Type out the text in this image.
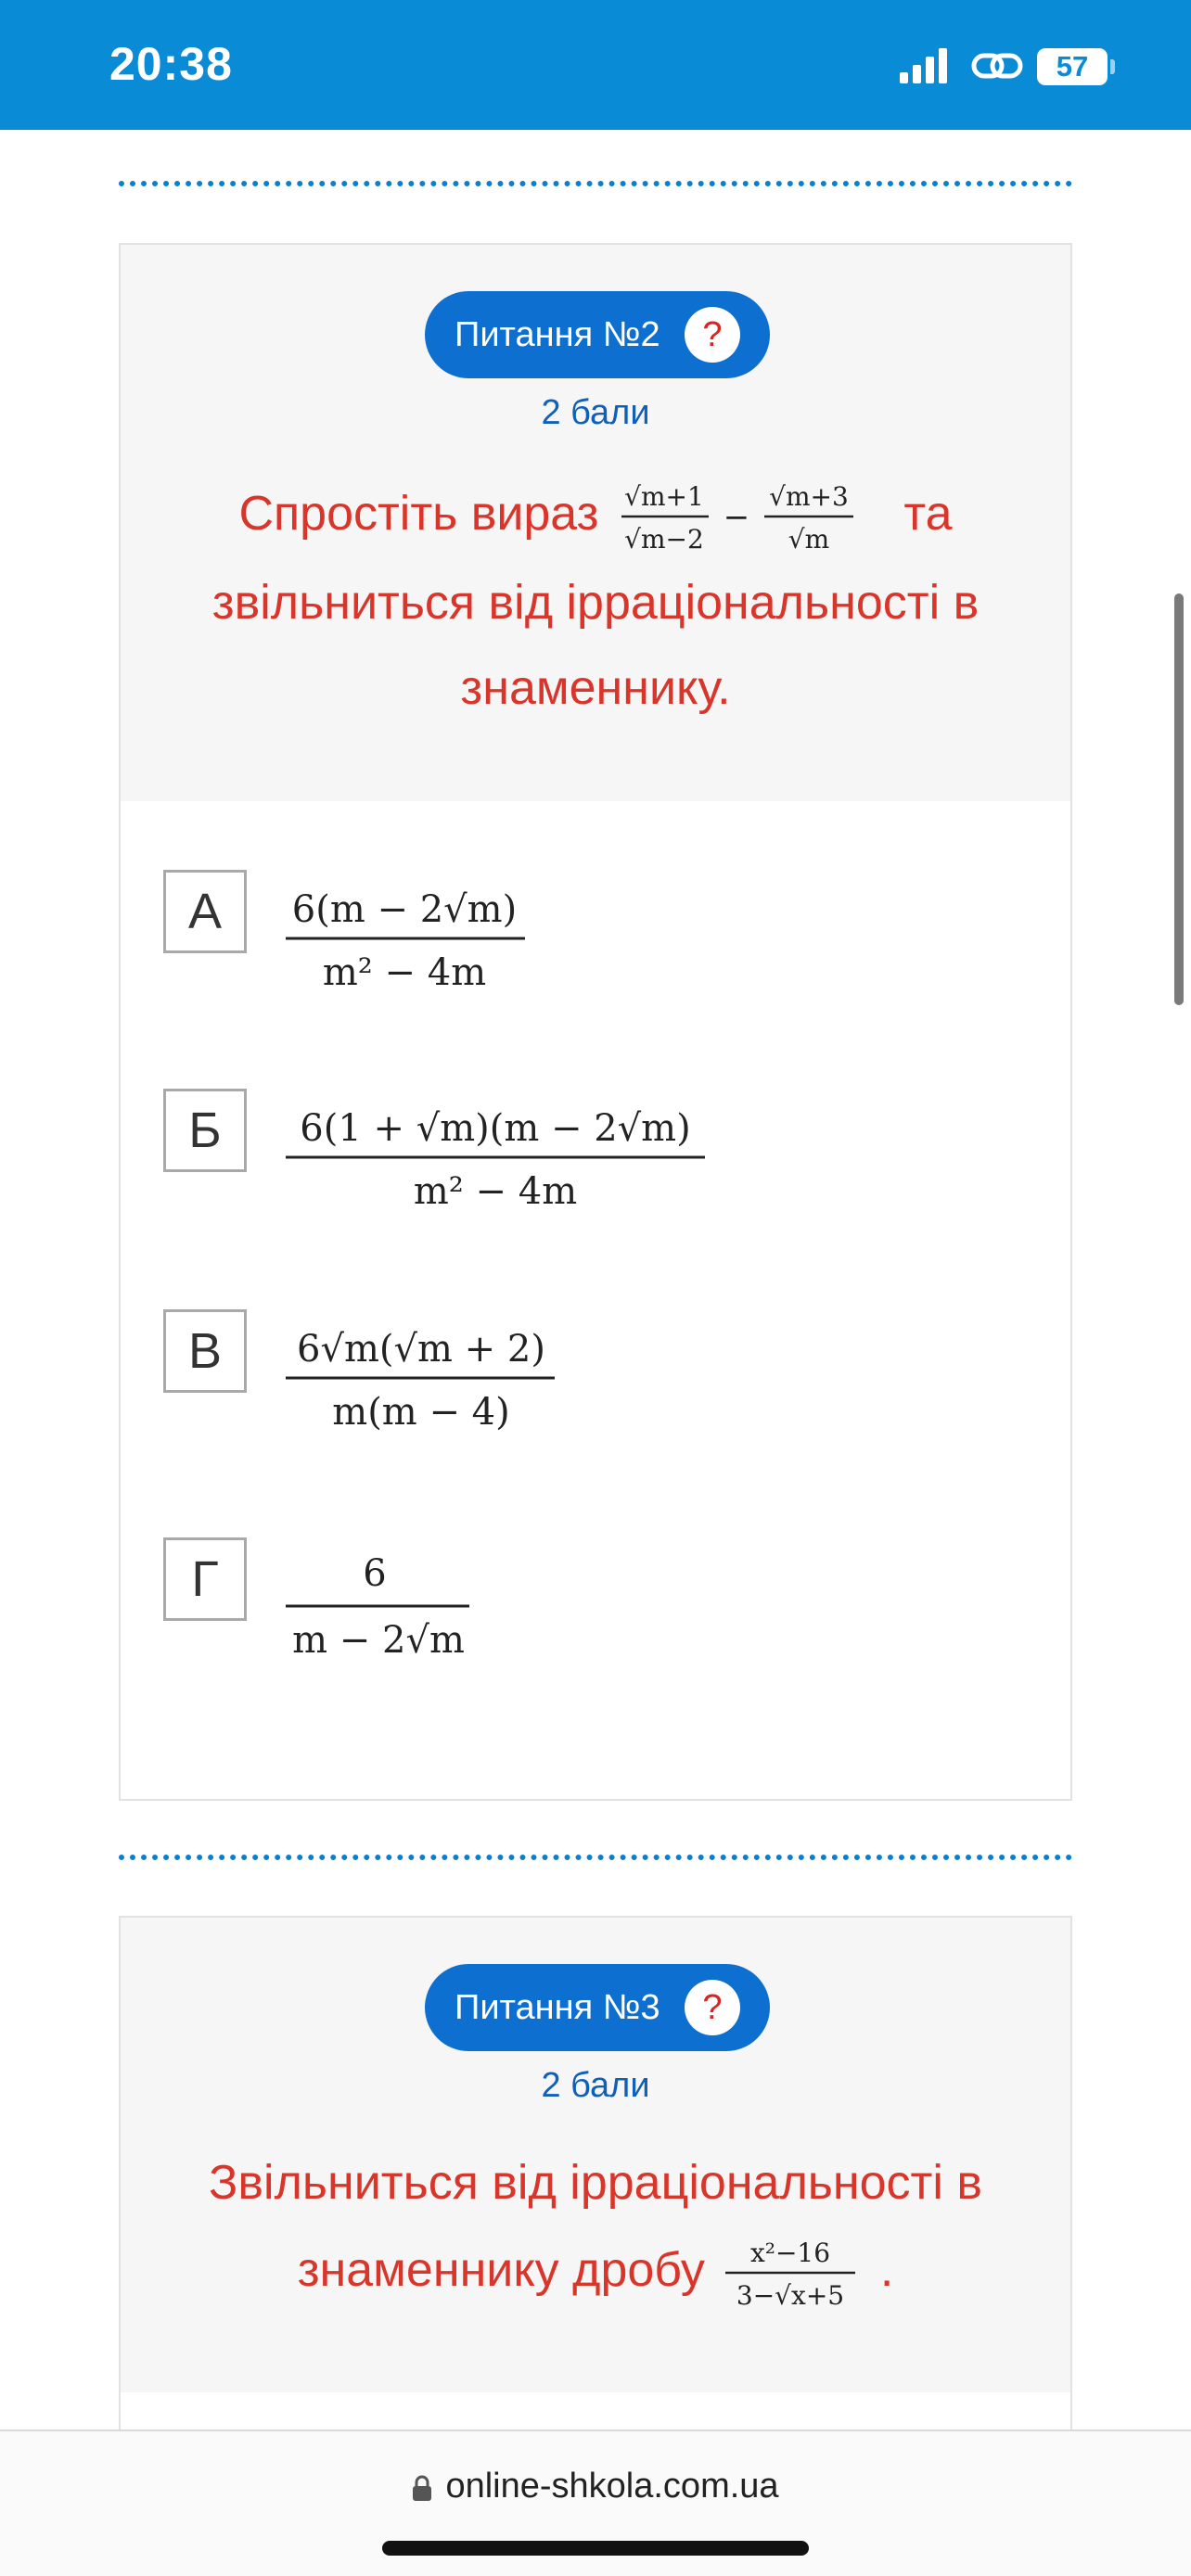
20:38	57
Питання №2	?
2 бали
Спростіть вираз √m+1
√m−2
−
√m+3
√m та
звільниться від ірраціональності в
знаменнику.
А	6(m − 2√m)
m² − 4m
Б	6(1 + √m)(m − 2√m)
m² − 4m
В	6√m(√m + 2)
m(m − 4)
Г	6
m − 2√m
Питання №3	?
2 бали
Звільниться від ірраціональності в
знаменнику дробу x²−16
3−√x+5 .
online-shkola.com.ua
